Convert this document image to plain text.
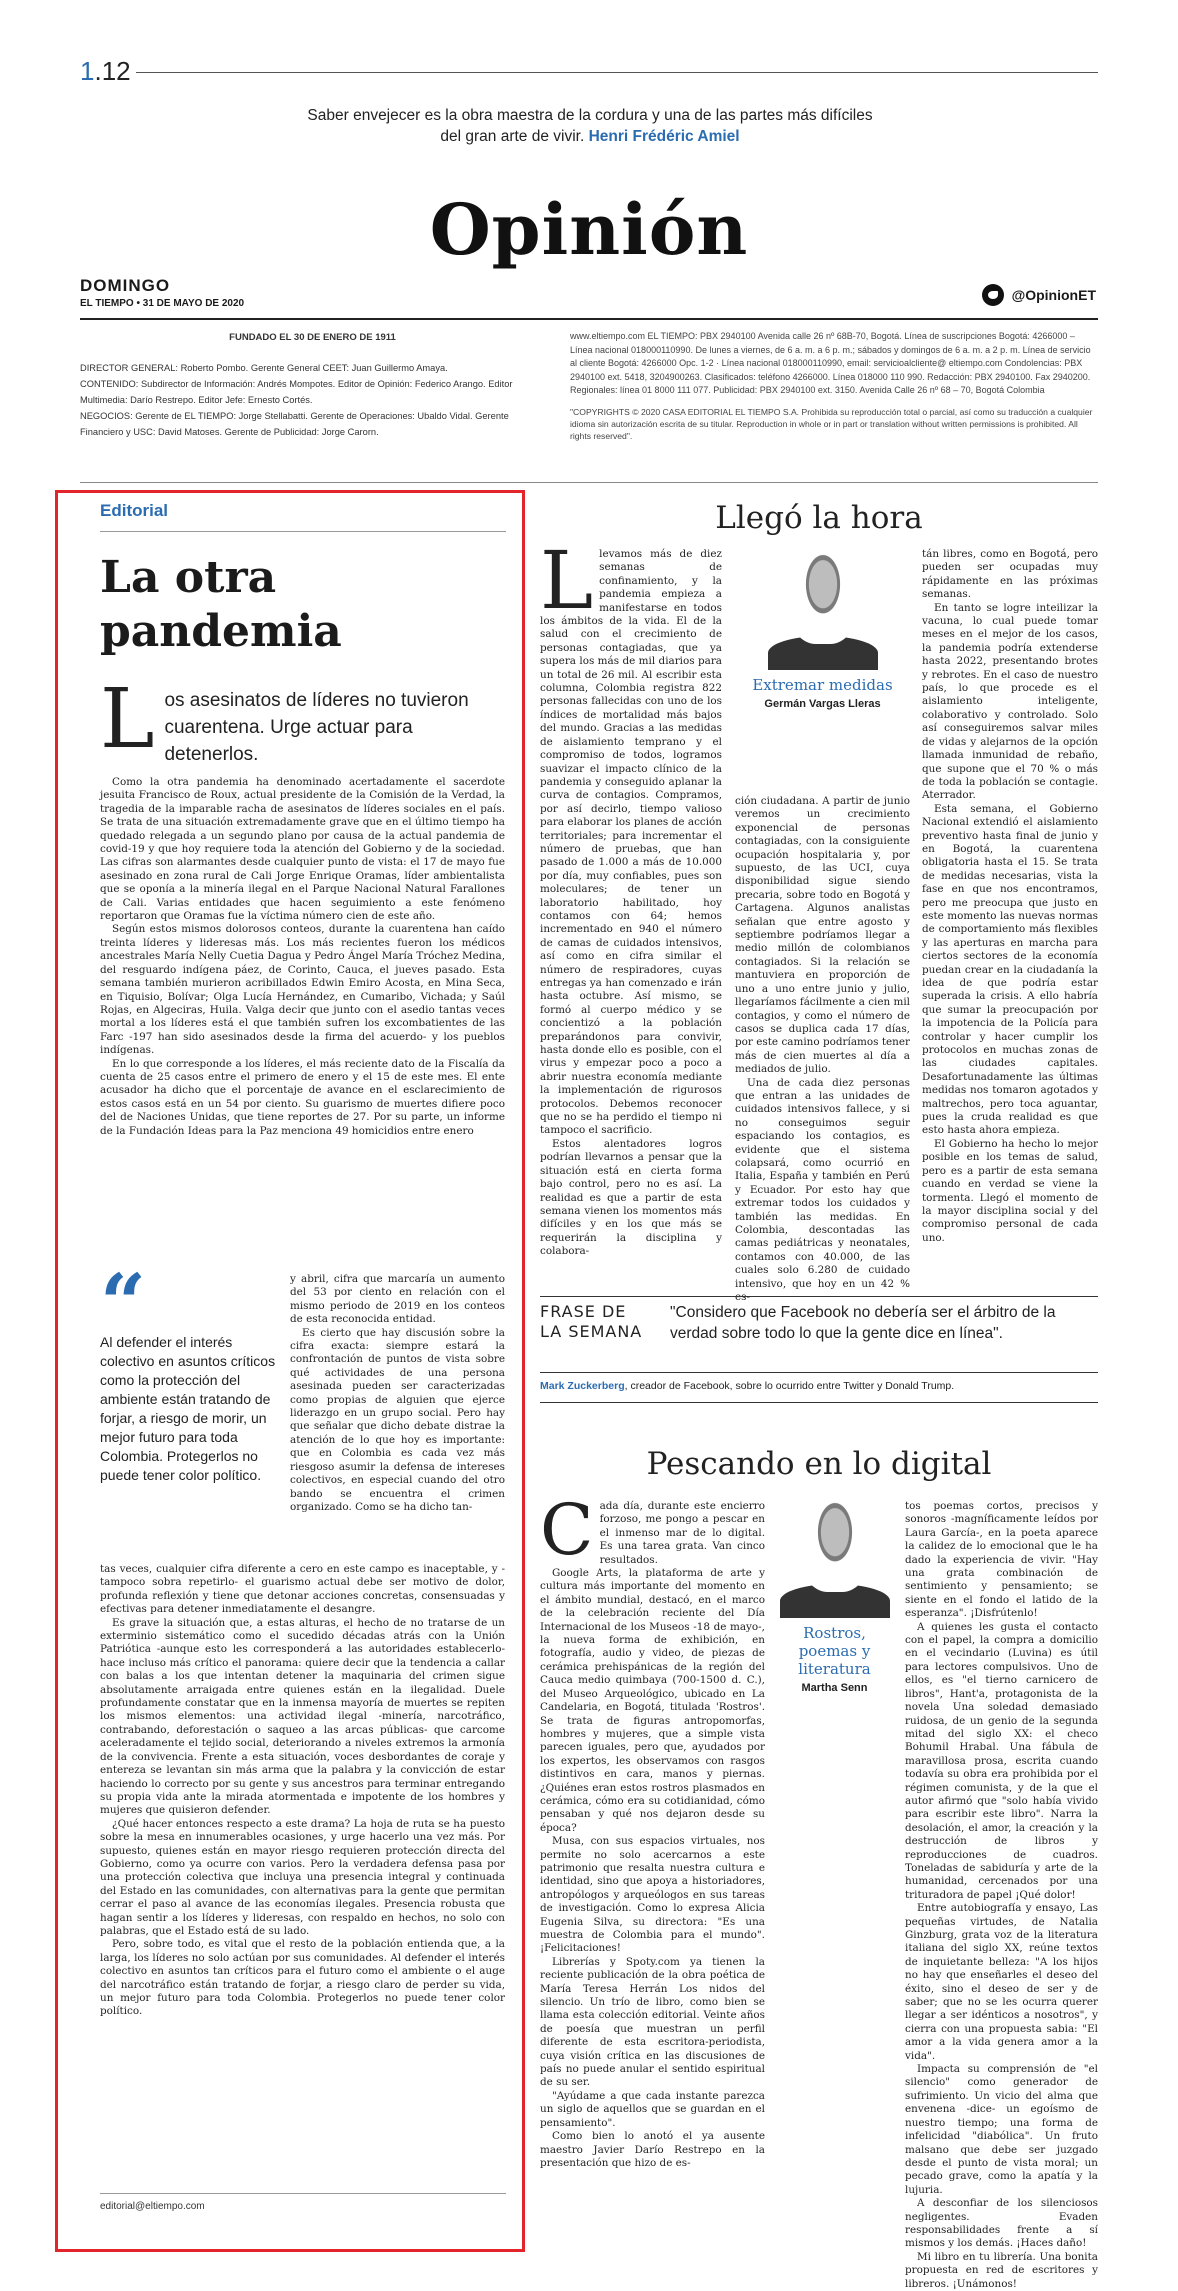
1.12
Saber envejecer es la obra maestra de la cordura y una de las partes más difíciles del gran arte de vivir. Henri Frédéric Amiel
Opinión
DOMINGO
EL TIEMPO • 31 DE MAYO DE 2020
@OpinionET
FUNDADO EL 30 DE ENERO DE 1911
DIRECTOR GENERAL: Roberto Pombo. Gerente General CEET: Juan Guillermo Amaya.
CONTENIDO: Subdirector de Información: Andrés Mompotes. Editor de Opinión: Federico Arango. Editor Multimedia: Darío Restrepo. Editor Jefe: Ernesto Cortés.
NEGOCIOS: Gerente de EL TIEMPO: Jorge Stellabatti. Gerente de Operaciones: Ubaldo Vidal. Gerente Financiero y USC: David Matoses. Gerente de Publicidad: Jorge Carorn.
www.eltiempo.com EL TIEMPO: PBX 2940100 Avenida calle 26 nº 68B-70, Bogotá. Línea de suscripciones Bogotá: 4266000 – Línea nacional 018000110990. De lunes a viernes, de 6 a. m. a 6 p. m.; sábados y domingos de 6 a. m. a 2 p. m. Línea de servicio al cliente Bogotá: 4266000 Opc. 1-2 · Línea nacional 018000110990, email: servicioalcliente@ eltiempo.com Condolencias: PBX 2940100 ext. 5418, 3204900263. Clasificados: teléfono 4266000. Línea 018000 110 990. Redacción: PBX 2940100. Fax 2940200. Regionales: línea 01 8000 111 077. Publicidad: PBX 2940100 ext. 3150. Avenida Calle 26 nº 68 – 70, Bogotá Colombia
"COPYRIGHTS © 2020 CASA EDITORIAL EL TIEMPO S.A. Prohibida su reproducción total o parcial, así como su traducción a cualquier idioma sin autorización escrita de su titular. Reproduction in whole or in part or translation without written permissions is prohibited. All rights reserved".
Editorial
La otra pandemia
L os asesinatos de líderes no tuvieron cuarentena. Urge actuar para detenerlos.

Como la otra pandemia ha denominado acertadamente el sacerdote jesuita Francisco de Roux, actual presidente de la Comisión de la Verdad, la tragedia de la imparable racha de asesinatos de líderes sociales en el país. Se trata de una situación extremadamente grave que en el último tiempo ha quedado relegada a un segundo plano por causa de la actual pandemia de covid-19 y que hoy requiere toda la atención del Gobierno y de la sociedad. Las cifras son alarmantes desde cualquier punto de vista: el 17 de mayo fue asesinado en zona rural de Cali Jorge Enrique Oramas, líder ambientalista que se oponía a la minería ilegal en el Parque Nacional Natural Farallones de Cali. Varias entidades que hacen seguimiento a este fenómeno reportaron que Oramas fue la víctima número cien de este año.

Según estos mismos dolorosos conteos, durante la cuarentena han caído treinta líderes y lideresas más. Los más recientes fueron los médicos ancestrales María Nelly Cuetia Dagua y Pedro Ángel María Tróchez Medina, del resguardo indígena páez, de Corinto, Cauca, el jueves pasado. Esta semana también murieron acribillados Edwin Emiro Acosta, en Mina Seca, en Tiquisio, Bolívar; Olga Lucía Hernández, en Cumaribo, Vichada; y Saúl Rojas, en Algeciras, Huila. Valga decir que junto con el asedio tantas veces mortal a los líderes está el que también sufren los excombatientes de las Farc -197 han sido asesinados desde la firma del acuerdo- y los pueblos indígenas.

En lo que corresponde a los líderes, el más reciente dato de la Fiscalía da cuenta de 25 casos entre el primero de enero y el 15 de este mes. El ente acusador ha dicho que el porcentaje de avance en el esclarecimiento de estos casos está en un 54 por ciento. Su guarismo de muertes difiere poco del de Naciones Unidas, que tiene reportes de 27. Por su parte, un informe de la Fundación Ideas para la Paz menciona 49 homicidios entre enero

“
Al defender el interés colectivo en asuntos críticos como la protección del ambiente están tratando de forjar, a riesgo de morir, un mejor futuro para toda Colombia. Protegerlos no puede tener color político.

y abril, cifra que marcaría un aumento del 53 por ciento en relación con el mismo periodo de 2019 en los conteos de esta reconocida entidad.

Es cierto que hay discusión sobre la cifra exacta: siempre estará la confrontación de puntos de vista sobre qué actividades de una persona asesinada pueden ser caracterizadas como propias de alguien que ejerce liderazgo en un grupo social. Pero hay que señalar que dicho debate distrae la atención de lo que hoy es importante: que en Colombia es cada vez más riesgoso asumir la defensa de intereses colectivos, en especial cuando del otro bando se encuentra el crimen organizado. Como se ha dicho tan-

tas veces, cualquier cifra diferente a cero en este campo es inaceptable, y -tampoco sobra repetirlo- el guarismo actual debe ser motivo de dolor, profunda reflexión y tiene que detonar acciones concretas, consensuadas y efectivas para detener inmediatamente el desangre.

Es grave la situación que, a estas alturas, el hecho de no tratarse de un exterminio sistemático como el sucedido décadas atrás con la Unión Patriótica -aunque esto les corresponderá a las autoridades establecerlo- hace incluso más crítico el panorama: quiere decir que la tendencia a callar con balas a los que intentan detener la maquinaria del crimen sigue absolutamente arraigada entre quienes están en la ilegalidad. Duele profundamente constatar que en la inmensa mayoría de muertes se repiten los mismos elementos: una actividad ilegal -minería, narcotráfico, contrabando, deforestación o saqueo a las arcas públicas- que carcome aceleradamente el tejido social, deteriorando a niveles extremos la armonía de la convivencia. Frente a esta situación, voces desbordantes de coraje y entereza se levantan sin más arma que la palabra y la convicción de estar haciendo lo correcto por su gente y sus ancestros para terminar entregando su propia vida ante la mirada atormentada e impotente de los hombres y mujeres que quisieron defender.

¿Qué hacer entonces respecto a este drama? La hoja de ruta se ha puesto sobre la mesa en innumerables ocasiones, y urge hacerlo una vez más. Por supuesto, quienes están en mayor riesgo requieren protección directa del Gobierno, como ya ocurre con varios. Pero la verdadera defensa pasa por una protección colectiva que incluya una presencia integral y continuada del Estado en las comunidades, con alternativas para la gente que permitan cerrar el paso al avance de las economías ilegales. Presencia robusta que hagan sentir a los líderes y lideresas, con respaldo en hechos, no solo con palabras, que el Estado está de su lado.

Pero, sobre todo, es vital que el resto de la población entienda que, a la larga, los líderes no solo actúan por sus comunidades. Al defender el interés colectivo en asuntos tan críticos para el futuro como el ambiente o el auge del narcotráfico están tratando de forjar, a riesgo claro de perder su vida, un mejor futuro para toda Colombia. Protegerlos no puede tener color político.

editorial@eltiempo.com
Llegó la hora

Llevamos más de diez semanas de confinamiento, y la pandemia empieza a manifestarse en todos los ámbitos de la vida. El de la salud con el crecimiento de personas contagiadas, que ya supera los más de mil diarios para un total de 26 mil. Al escribir esta columna, Colombia registra 822 personas fallecidas con uno de los índices de mortalidad más bajos del mundo. Gracias a las medidas de aislamiento temprano y el compromiso de todos, logramos suavizar el impacto clínico de la pandemia y conseguido aplanar la curva de contagios. Compramos, por así decirlo, tiempo valioso para elaborar los planes de acción territoriales; para incrementar el número de pruebas, que han pasado de 1.000 a más de 10.000 por día, muy confiables, pues son moleculares; de tener un laboratorio habilitado, hoy contamos con 64; hemos incrementado en 940 el número de camas de cuidados intensivos, así como en cifra similar el número de respiradores, cuyas entregas ya han comenzado e irán hasta octubre. Así mismo, se formó al cuerpo médico y se concientizó a la población preparándonos para convivir, hasta donde ello es posible, con el virus y empezar poco a poco a abrir nuestra economía mediante la implementación de rigurosos protocolos. Debemos reconocer que no se ha perdido el tiempo ni tampoco el sacrificio.

Estos alentadores logros podrían llevarnos a pensar que la situación está en cierta forma bajo control, pero no es así. La realidad es que a partir de esta semana vienen los momentos más difíciles y en los que más se requerirán la disciplina y colabora-

Extremar medidas
Germán Vargas Lleras

ción ciudadana. A partir de junio veremos un crecimiento exponencial de personas contagiadas, con la consiguiente ocupación hospitalaria y, por supuesto, de las UCI, cuya disponibilidad sigue siendo precaria, sobre todo en Bogotá y Cartagena. Algunos analistas señalan que entre agosto y septiembre podríamos llegar a medio millón de colombianos contagiados. Si la relación se mantuviera en proporción de uno a uno entre junio y julio, llegaríamos fácilmente a cien mil contagios, y como el número de casos se duplica cada 17 días, por este camino podríamos tener más de cien muertes al día a mediados de julio.

Una de cada diez personas que entran a las unidades de cuidados intensivos fallece, y si no conseguimos seguir espaciando los contagios, es evidente que el sistema colapsará, como ocurrió en Italia, España y también en Perú y Ecuador. Por esto hay que extremar todos los cuidados y también las medidas. En Colombia, descontadas las camas pediátricas y neonatales, contamos con 40.000, de las cuales solo 6.280 de cuidado intensivo, que hoy en un 42 % es-

tán libres, como en Bogotá, pero pueden ser ocupadas muy rápidamente en las próximas semanas.

En tanto se logre inteilizar la vacuna, lo cual puede tomar meses en el mejor de los casos, la pandemia podría extenderse hasta 2022, presentando brotes y rebrotes. En el caso de nuestro país, lo que procede es el aislamiento inteligente, colaborativo y controlado. Solo así conseguiremos salvar miles de vidas y alejarnos de la opción llamada inmunidad de rebaño, que supone que el 70 % o más de toda la población se contagie. Aterrador.

Esta semana, el Gobierno Nacional extendió el aislamiento preventivo hasta final de junio y en Bogotá, la cuarentena obligatoria hasta el 15. Se trata de medidas necesarias, vista la fase en que nos encontramos, pero me preocupa que justo en este momento las nuevas normas de comportamiento más flexibles y las aperturas en marcha para ciertos sectores de la economía puedan crear en la ciudadanía la idea de que podría estar superada la crisis. A ello habría que sumar la preocupación por la impotencia de la Policía para controlar y hacer cumplir los protocolos en muchas zonas de las ciudades capitales. Desafortunadamente las últimas medidas nos tomaron agotados y maltrechos, pero toca aguantar, pues la cruda realidad es que esto hasta ahora empieza.

El Gobierno ha hecho lo mejor posible en los temas de salud, pero es a partir de esta semana cuando en verdad se viene la tormenta. Llegó el momento de la mayor disciplina social y del compromiso personal de cada uno.

FRASE DE LA SEMANA
"Considero que Facebook no debería ser el árbitro de la verdad sobre todo lo que la gente dice en línea".
Mark Zuckerberg, creador de Facebook, sobre lo ocurrido entre Twitter y Donald Trump.
Pescando en lo digital

Cada día, durante este encierro forzoso, me pongo a pescar en el inmenso mar de lo digital. Es una tarea grata. Van cinco resultados.

Google Arts, la plataforma de arte y cultura más importante del momento en el ámbito mundial, destacó, en el marco de la celebración reciente del Día Internacional de los Museos -18 de mayo-, la nueva forma de exhibición, en fotografía, audio y video, de piezas de cerámica prehispánicas de la región del Cauca medio quimbaya (700-1500 d. C.), del Museo Arqueológico, ubicado en La Candelaria, en Bogotá, titulada 'Rostros'. Se trata de figuras antropomorfas, hombres y mujeres, que a simple vista parecen iguales, pero que, ayudados por los expertos, les observamos con rasgos distintivos en cara, manos y piernas. ¿Quiénes eran estos rostros plasmados en cerámica, cómo era su cotidianidad, cómo pensaban y qué nos dejaron desde su época?

Musa, con sus espacios virtuales, nos permite no solo acercarnos a este patrimonio que resalta nuestra cultura e identidad, sino que apoya a historiadores, antropólogos y arqueólogos en sus tareas de investigación. Como lo expresa Alicia Eugenia Silva, su directora: "Es una muestra de Colombia para el mundo". ¡Felicitaciones!

Librerías y Spoty.com ya tienen la reciente publicación de la obra poética de María Teresa Herrán Los nidos del silencio. Un trío de libro, como bien se llama esta colección editorial. Veinte años de poesía que muestran un perfil diferente de esta escritora-periodista, cuya visión crítica en las discusiones de país no puede anular el sentido espiritual de su ser.

"Ayúdame a que cada instante parezca un siglo de aquellos que se guardan en el pensamiento".

Como bien lo anotó el ya ausente maestro Javier Darío Restrepo en la presentación que hizo de es-

Rostros, poemas y literatura
Martha Senn

tos poemas cortos, precisos y sonoros -magníficamente leídos por Laura García-, en la poeta aparece la calidez de lo emocional que le ha dado la experiencia de vivir. "Hay una grata combinación de sentimiento y pensamiento; se siente en el fondo el latido de la esperanza". ¡Disfrútenlo!

A quienes les gusta el contacto con el papel, la compra a domicilio en el vecindario (Luvina) es útil para lectores compulsivos. Uno de ellos, es "el tierno carnicero de libros", Hant'a, protagonista de la novela Una soledad demasiado ruidosa, de un genio de la segunda mitad del siglo XX: el checo Bohumil Hrabal. Una fábula de maravillosa prosa, escrita cuando todavía su obra era prohibida por el régimen comunista, y de la que el autor afirmó que "solo había vivido para escribir este libro". Narra la desolación, el amor, la creación y la destrucción de libros y reproducciones de cuadros. Toneladas de sabiduría y arte de la humanidad, cercenados por una trituradora de papel ¡Qué dolor!

Entre autobiografía y ensayo, Las pequeñas virtudes, de Natalia Ginzburg, grata voz de la literatura italiana del siglo XX, reúne textos de inquietante belleza: "A los hijos no hay que enseñarles el deseo del éxito, sino el deseo de ser y de saber; que no se les ocurra querer llegar a ser idénticos a nosotros", y cierra con una propuesta sabia: "El amor a la vida genera amor a la vida".

Impacta su comprensión de "el silencio" como generador de sufrimiento. Un vicio del alma que envenena -dice- un egoísmo de nuestro tiempo; una forma de infelicidad "diabólica". Un fruto malsano que debe ser juzgado desde el punto de vista moral; un pecado grave, como la apatía y la lujuria.

A desconfiar de los silenciosos negligentes. Evaden responsabilidades frente a sí mismos y los demás. ¡Haces daño!

Mi libro en tu librería. Una bonita propuesta en red de escritores y libreros. ¡Unámonos!
